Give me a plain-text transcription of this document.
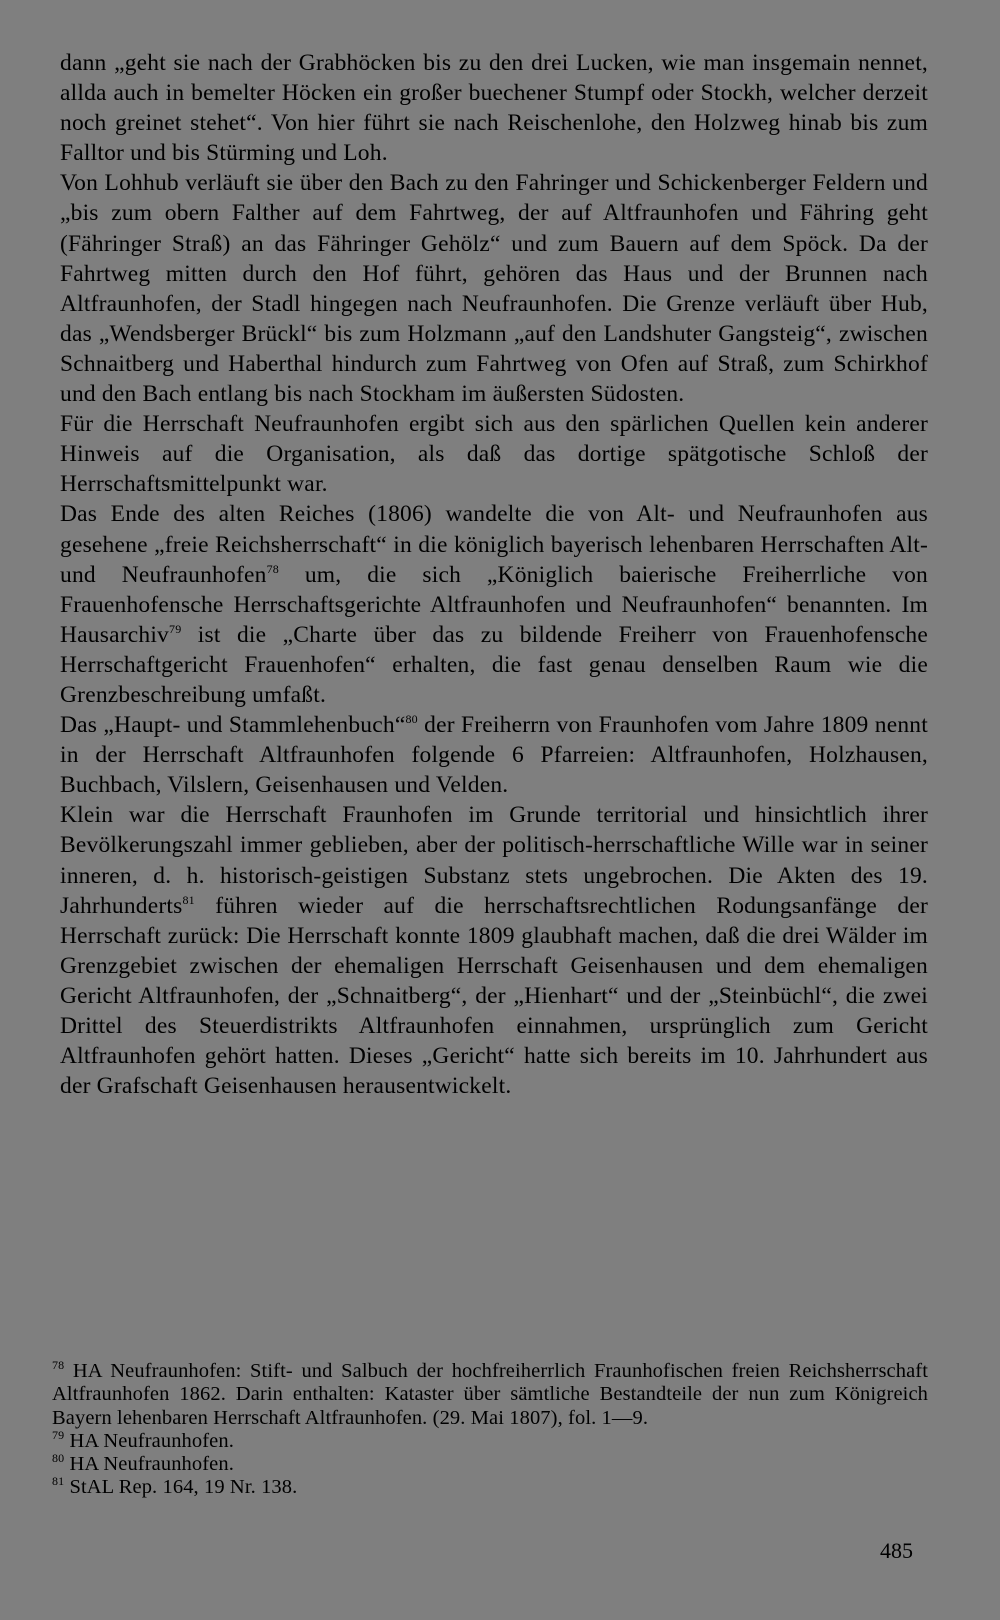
dann „geht sie nach der Grabhöcken bis zu den drei Lucken, wie man insgemain nennet, allda auch in bemelter Höcken ein großer buechener Stumpf oder Stockh, welcher derzeit noch greinet stehet“. Von hier führt sie nach Reischenlohe, den Holzweg hinab bis zum Falltor und bis Stürming und Loh.

Von Lohhub verläuft sie über den Bach zu den Fahringer und Schickenberger Feldern und „bis zum obern Falther auf dem Fahrtweg, der auf Altfraunhofen und Fähring geht (Fähringer Straß) an das Fähringer Gehölz“ und zum Bauern auf dem Spöck. Da der Fahrtweg mitten durch den Hof führt, gehören das Haus und der Brunnen nach Altfraunhofen, der Stadl hingegen nach Neufraunhofen. Die Grenze verläuft über Hub, das „Wendsberger Brückl“ bis zum Holzmann „auf den Landshuter Gangsteig“, zwischen Schnaitberg und Haberthal hindurch zum Fahrtweg von Ofen auf Straß, zum Schirkhof und den Bach entlang bis nach Stockham im äußersten Südosten.

Für die Herrschaft Neufraunhofen ergibt sich aus den spärlichen Quellen kein anderer Hinweis auf die Organisation, als daß das dortige spätgotische Schloß der Herrschaftsmittelpunkt war.

Das Ende des alten Reiches (1806) wandelte die von Alt- und Neufraunhofen aus gesehene „freie Reichsherrschaft“ in die königlich bayerisch lehenbaren Herrschaften Alt- und Neufraunhofen$^{78}$ um, die sich „Königlich baierische Freiherrliche von Frauenhofensche Herrschaftsgerichte Altfraunhofen und Neufraunhofen“ benannten. Im Hausarchiv$^{79}$ ist die „Charte über das zu bildende Freiherr von Frauenhofensche Herrschaftgericht Frauenhofen“ erhalten, die fast genau denselben Raum wie die Grenzbeschreibung umfaßt.

Das „Haupt- und Stammlehenbuch“$^{80}$ der Freiherrn von Fraunhofen vom Jahre 1809 nennt in der Herrschaft Altfraunhofen folgende 6 Pfarreien: Altfraunhofen, Holzhausen, Buchbach, Vilslern, Geisenhausen und Velden.

Klein war die Herrschaft Fraunhofen im Grunde territorial und hinsichtlich ihrer Bevölkerungszahl immer geblieben, aber der politisch-herrschaftliche Wille war in seiner inneren, d. h. historisch-geistigen Substanz stets ungebrochen. Die Akten des 19. Jahrhunderts$^{81}$ führen wieder auf die herrschaftsrechtlichen Rodungsanfänge der Herrschaft zurück: Die Herrschaft konnte 1809 glaubhaft machen, daß die drei Wälder im Grenzgebiet zwischen der ehemaligen Herrschaft Geisenhausen und dem ehemaligen Gericht Altfraunhofen, der „Schnaitberg“, der „Hienhart“ und der „Steinbüchl“, die zwei Drittel des Steuerdistrikts Altfraunhofen einnahmen, ursprünglich zum Gericht Altfraunhofen gehört hatten. Dieses „Gericht“ hatte sich bereits im 10. Jahrhundert aus der Grafschaft Geisenhausen herausentwickelt.

$^{78}$ HA Neufraunhofen: Stift- und Salbuch der hochfreiherrlich Fraunhofischen freien Reichsherrschaft Altfraunhofen 1862. Darin enthalten: Kataster über sämtliche Bestandteile der nun zum Königreich Bayern lehenbaren Herrschaft Altfraunhofen. (29. Mai 1807), fol. 1—9.

$^{79}$ HA Neufraunhofen.

$^{80}$ HA Neufraunhofen.

$^{81}$ StAL Rep. 164, 19 Nr. 138.

485
